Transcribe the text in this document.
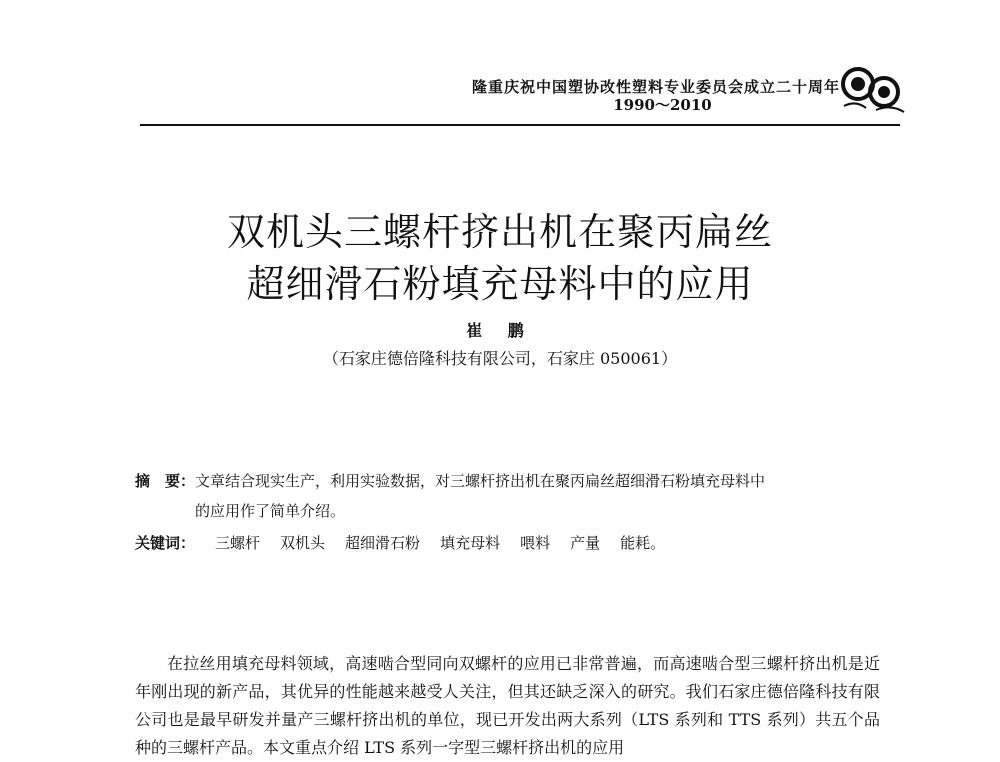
隆重庆祝中国塑协改性塑料专业委员会成立二十周年
1990～2010
双机头三螺杆挤出机在聚丙扁丝
超细滑石粉填充母料中的应用
崔 鹏
（石家庄德倍隆科技有限公司，石家庄 050061）
摘　要：文章结合现实生产，利用实验数据，对三螺杆挤出机在聚丙扁丝超细滑石粉填充母料中
的应用作了简单介绍。
关键词： 三螺杆 双机头 超细滑石粉 填充母料 喂料 产量 能耗。

在拉丝用填充母料领域，高速啮合型同向双螺杆的应用已非常普遍，而高速啮合型三螺杆挤出机是近年刚出现的新产品，其优异的性能越来越受人关注，但其还缺乏深入的研究。我们石家庄德倍隆科技有限公司也是最早研发并量产三螺杆挤出机的单位，现已开发出两大系列（LTS 系列和 TTS 系列）共五个品种的三螺杆产品。本文重点介绍 LTS 系列一字型三螺杆挤出机的应用
